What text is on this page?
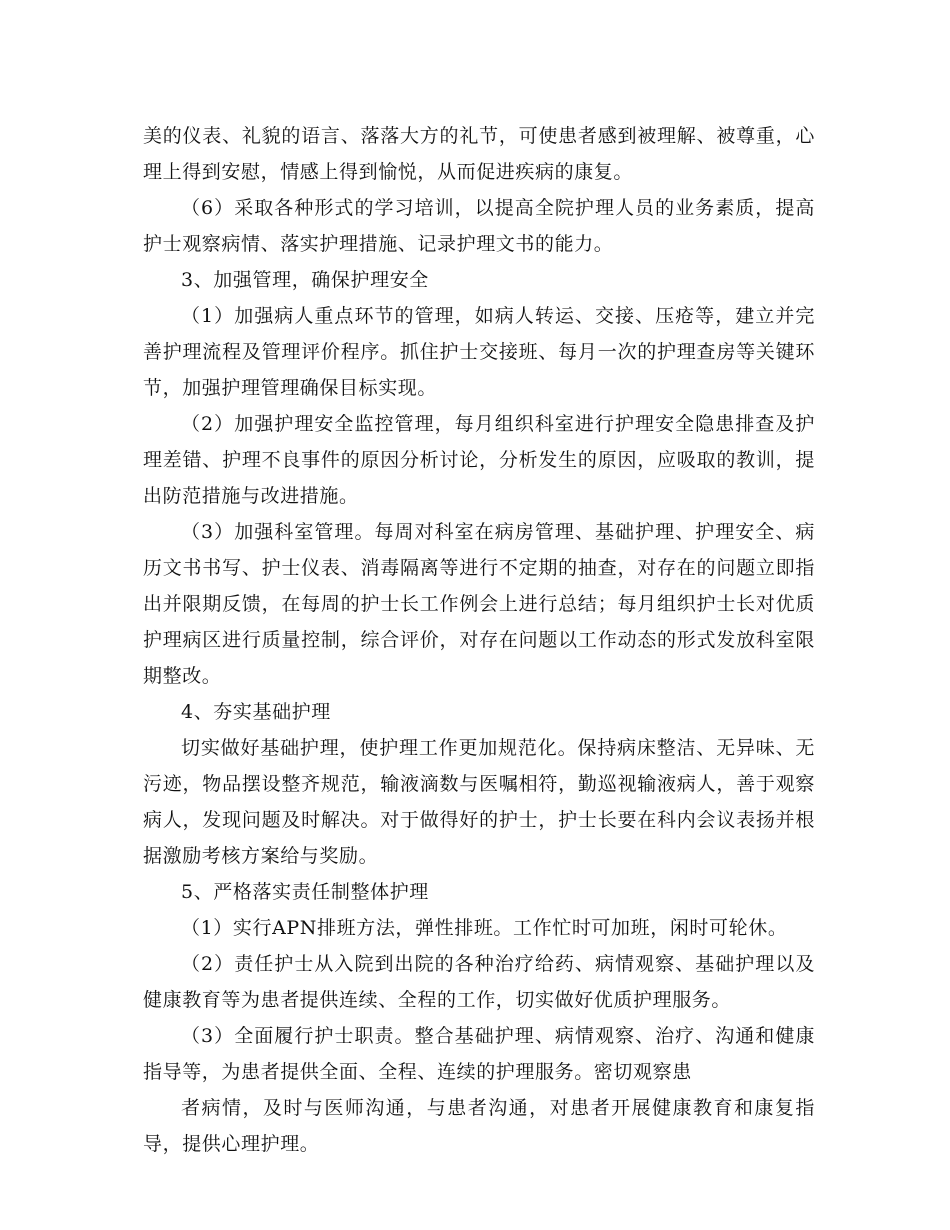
美的仪表、礼貌的语言、落落大方的礼节，可使患者感到被理解、被尊重，心理上得到安慰，情感上得到愉悦，从而促进疾病的康复。

（6）采取各种形式的学习培训，以提高全院护理人员的业务素质，提高护士观察病情、落实护理措施、记录护理文书的能力。

3、加强管理，确保护理安全

（1）加强病人重点环节的管理，如病人转运、交接、压疮等，建立并完善护理流程及管理评价程序。抓住护士交接班、每月一次的护理查房等关键环节，加强护理管理确保目标实现。

（2）加强护理安全监控管理，每月组织科室进行护理安全隐患排查及护理差错、护理不良事件的原因分析讨论，分析发生的原因，应吸取的教训，提出防范措施与改进措施。

（3）加强科室管理。每周对科室在病房管理、基础护理、护理安全、病历文书书写、护士仪表、消毒隔离等进行不定期的抽查，对存在的问题立即指出并限期反馈，在每周的护士长工作例会上进行总结；每月组织护士长对优质护理病区进行质量控制，综合评价，对存在问题以工作动态的形式发放科室限期整改。

4、夯实基础护理

切实做好基础护理，使护理工作更加规范化。保持病床整洁、无异味、无污迹，物品摆设整齐规范，输液滴数与医嘱相符，勤巡视输液病人，善于观察病人，发现问题及时解决。对于做得好的护士，护士长要在科内会议表扬并根据激励考核方案给与奖励。

5、严格落实责任制整体护理

（1）实行APN排班方法，弹性排班。工作忙时可加班，闲时可轮休。

（2）责任护士从入院到出院的各种治疗给药、病情观察、基础护理以及健康教育等为患者提供连续、全程的工作，切实做好优质护理服务。

（3）全面履行护士职责。整合基础护理、病情观察、治疗、沟通和健康指导等，为患者提供全面、全程、连续的护理服务。密切观察患

者病情，及时与医师沟通，与患者沟通，对患者开展健康教育和康复指导，提供心理护理。
